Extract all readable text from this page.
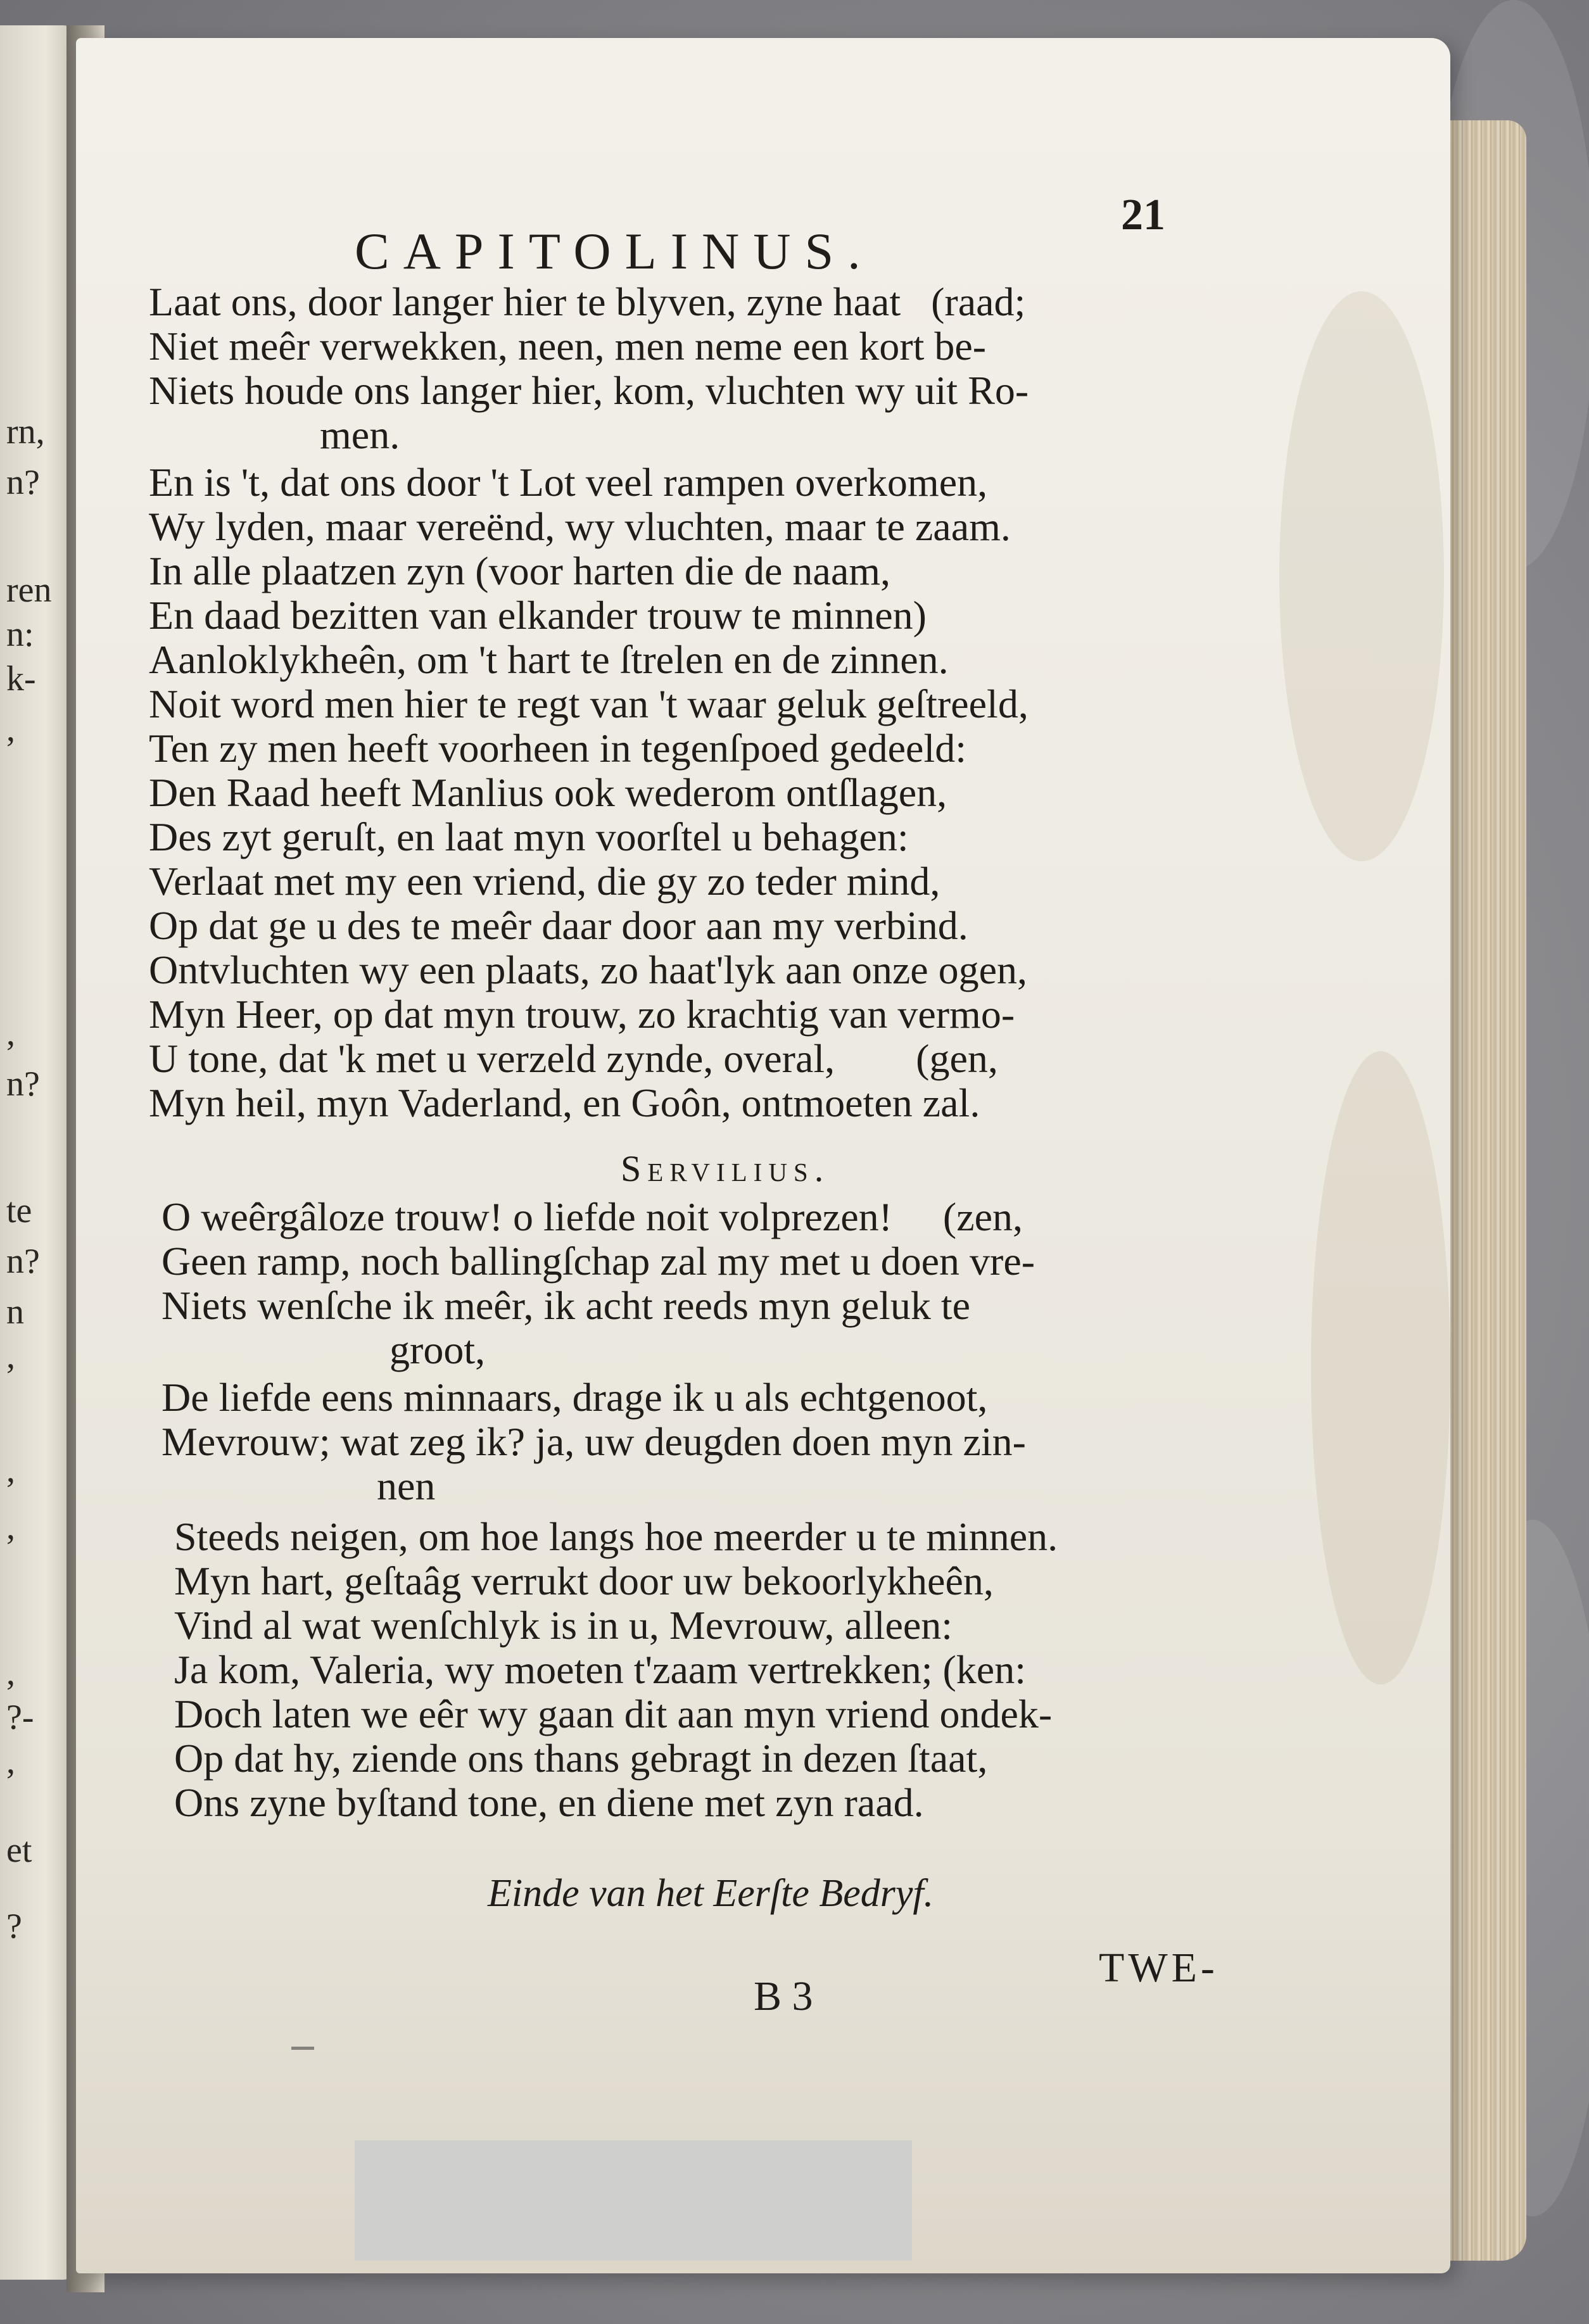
rn,
n?
ren
n:
k-
,
,
n?
te
n?
n
,
,
,
,
?-
,
et
?
21
CAPITOLINUS.
Laat ons, door langer hier te blyven, zyne haat   (raad;
Niet meêr verwekken, neen, men neme een kort be-
Niets houde ons langer hier, kom, vluchten wy uit Ro-
men.
En is 't, dat ons door 't Lot veel rampen overkomen,
Wy lyden, maar vereënd, wy vluchten, maar te zaam.
In alle plaatzen zyn (voor harten die de naam,
En daad bezitten van elkander trouw te minnen)
Aanloklykheên, om 't hart te ſtrelen en de zinnen.
Noit word men hier te regt van 't waar geluk geſtreeld,
Ten zy men heeft voorheen in tegenſpoed gedeeld:
Den Raad heeft Manlius ook wederom ontſlagen,
Des zyt geruſt, en laat myn voorſtel u behagen:
Verlaat met my een vriend, die gy zo teder mind,
Op dat ge u des te meêr daar door aan my verbind.
Ontvluchten wy een plaats, zo haat'lyk aan onze ogen,
Myn Heer, op dat myn trouw, zo krachtig van vermo-
U tone, dat 'k met u verzeld zynde, overal,        (gen,
Myn heil, myn Vaderland, en Goôn, ontmoeten zal.
Servilius.
O weêrgâloze trouw! o liefde noit volprezen!     (zen,
Geen ramp, noch ballingſchap zal my met u doen vre-
Niets wenſche ik meêr, ik acht reeds myn geluk te
groot,
De liefde eens minnaars, drage ik u als echtgenoot,
Mevrouw; wat zeg ik? ja, uw deugden doen myn zin-
nen
Steeds neigen, om hoe langs hoe meerder u te minnen.
Myn hart, geſtaâg verrukt door uw bekoorlykheên,
Vind al wat wenſchlyk is in u, Mevrouw, alleen:
Ja kom, Valeria, wy moeten t'zaam vertrekken; (ken:
Doch laten we eêr wy gaan dit aan myn vriend ondek-
Op dat hy, ziende ons thans gebragt in dezen ſtaat,
Ons zyne byſtand tone, en diene met zyn raad.
Einde van het Eerſte Bedryf.
B 3
TWE-
